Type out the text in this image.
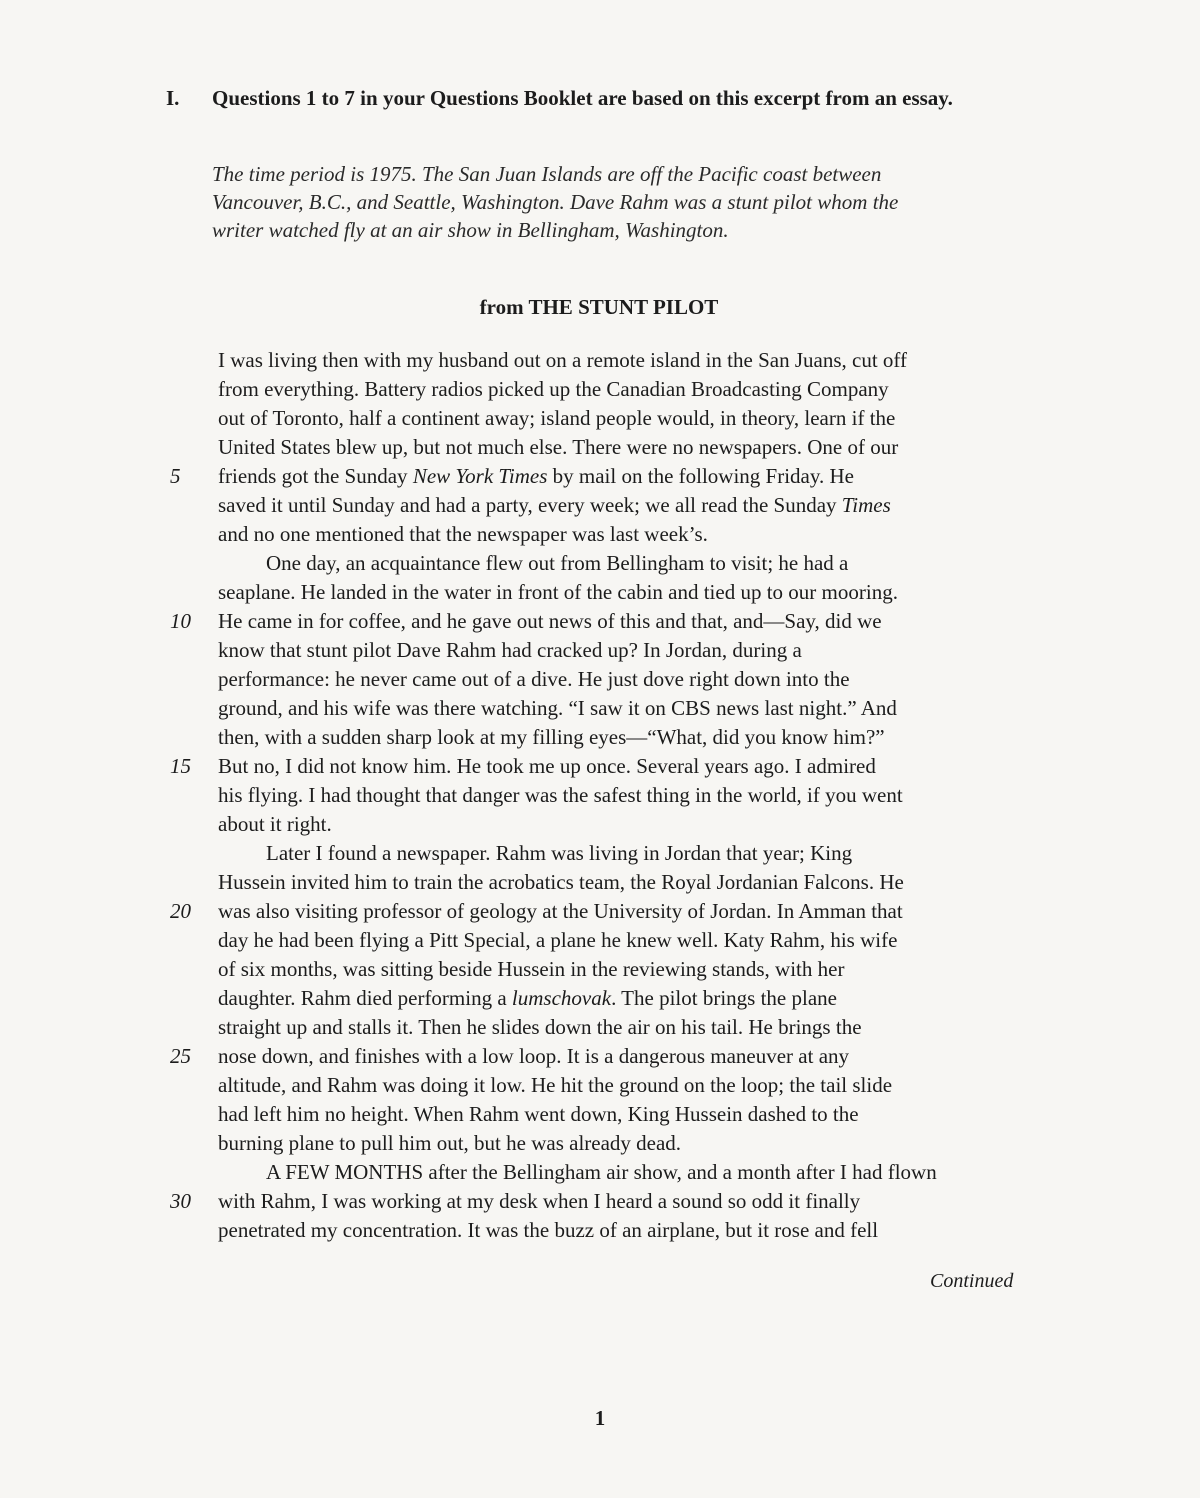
I. Questions 1 to 7 in your Questions Booklet are based on this excerpt from an essay.
The time period is 1975. The San Juan Islands are off the Pacific coast between
Vancouver, B.C., and Seattle, Washington. Dave Rahm was a stunt pilot whom the
writer watched fly at an air show in Bellingham, Washington.
from THE STUNT PILOT
I was living then with my husband out on a remote island in the San Juans, cut off
from everything. Battery radios picked up the Canadian Broadcasting Company
out of Toronto, half a continent away; island people would, in theory, learn if the
United States blew up, but not much else. There were no newspapers. One of our
friends got the Sunday New York Times by mail on the following Friday. He
5
saved it until Sunday and had a party, every week; we all read the Sunday Times
and no one mentioned that the newspaper was last week’s.
One day, an acquaintance flew out from Bellingham to visit; he had a
seaplane. He landed in the water in front of the cabin and tied up to our mooring.
He came in for coffee, and he gave out news of this and that, and—Say, did we
10
know that stunt pilot Dave Rahm had cracked up? In Jordan, during a
performance: he never came out of a dive. He just dove right down into the
ground, and his wife was there watching. “I saw it on CBS news last night.” And
then, with a sudden sharp look at my filling eyes—“What, did you know him?”
But no, I did not know him. He took me up once. Several years ago. I admired
15
his flying. I had thought that danger was the safest thing in the world, if you went
about it right.
Later I found a newspaper. Rahm was living in Jordan that year; King
Hussein invited him to train the acrobatics team, the Royal Jordanian Falcons. He
was also visiting professor of geology at the University of Jordan. In Amman that
20
day he had been flying a Pitt Special, a plane he knew well. Katy Rahm, his wife
of six months, was sitting beside Hussein in the reviewing stands, with her
daughter. Rahm died performing a lumschovak. The pilot brings the plane
straight up and stalls it. Then he slides down the air on his tail. He brings the
nose down, and finishes with a low loop. It is a dangerous maneuver at any
25
altitude, and Rahm was doing it low. He hit the ground on the loop; the tail slide
had left him no height. When Rahm went down, King Hussein dashed to the
burning plane to pull him out, but he was already dead.
A FEW MONTHS after the Bellingham air show, and a month after I had flown
with Rahm, I was working at my desk when I heard a sound so odd it finally
30
penetrated my concentration. It was the buzz of an airplane, but it rose and fell
Continued
1
